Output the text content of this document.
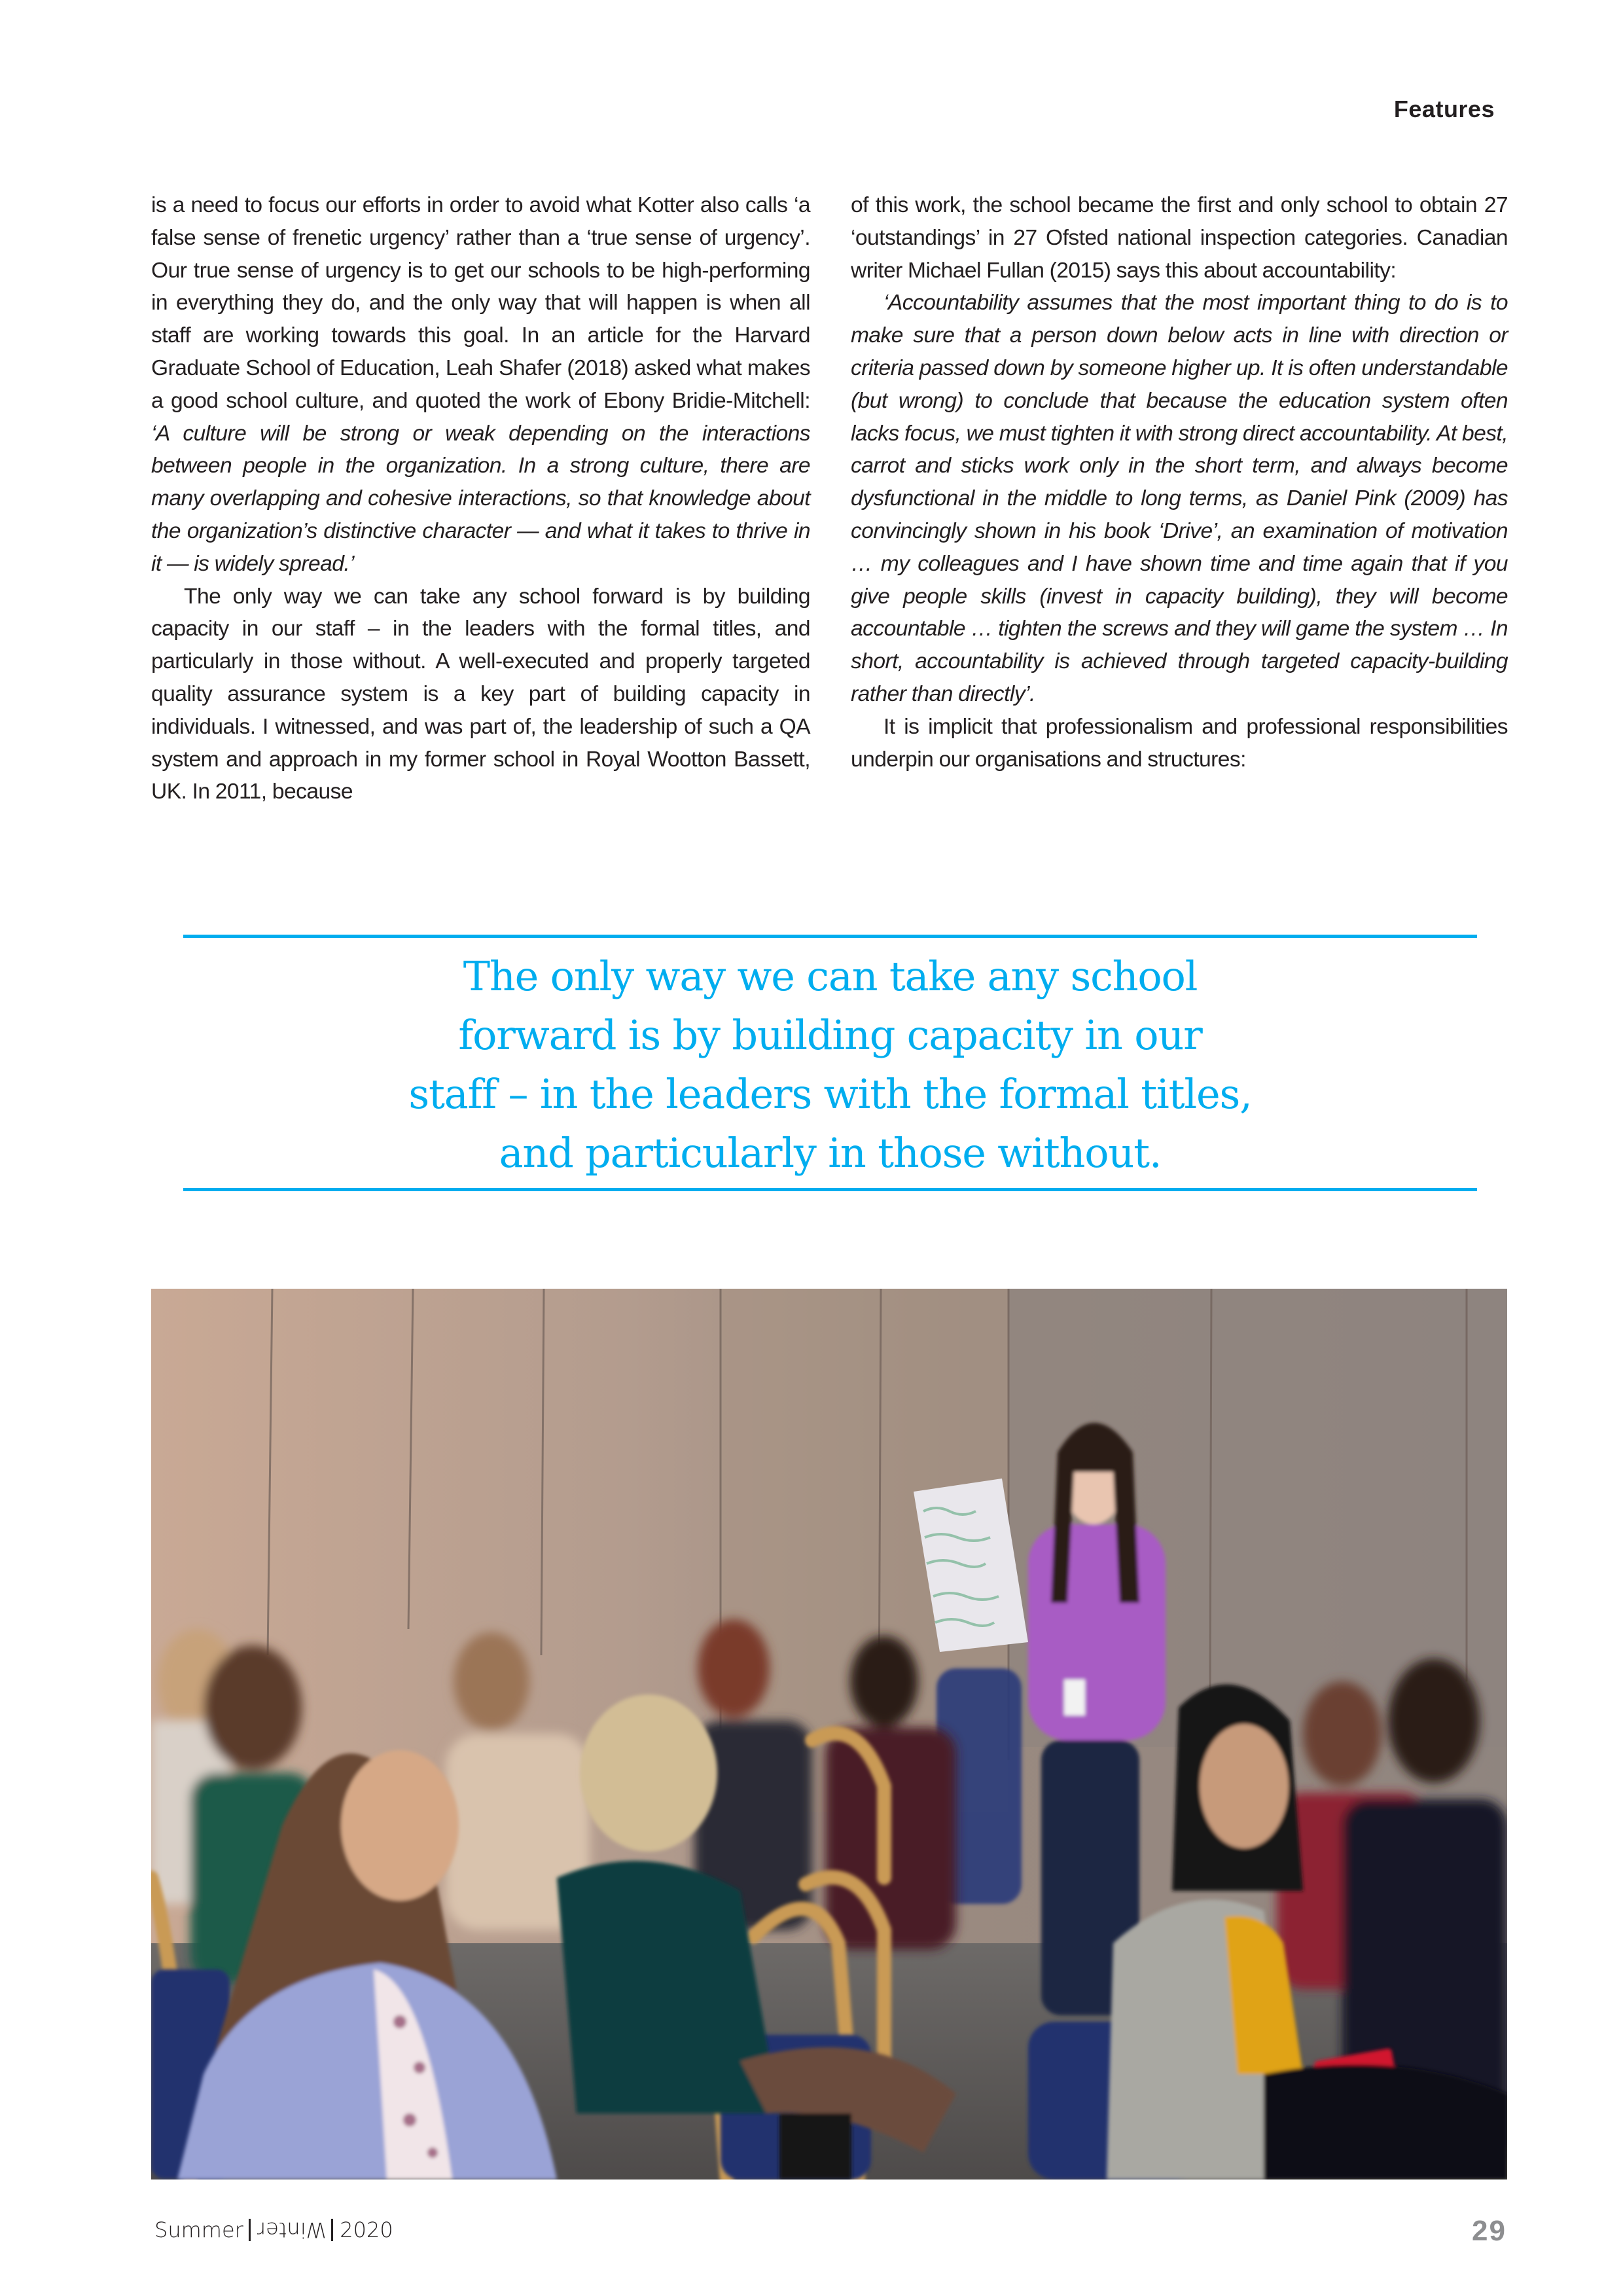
Features

is a need to focus our efforts in order to avoid what Kotter also calls ‘a false sense of frenetic urgency’ rather than a ‘true sense of urgency’. Our true sense of urgency is to get our schools to be high-performing in everything they do, and the only way that will happen is when all staff are working towards this goal. In an article for the Harvard Graduate School of Education, Leah Shafer (2018) asked what makes a good school culture, and quoted the work of Ebony Bridie-Mitchell: ‘A culture will be strong or weak depending on the interactions between people in the organization. In a strong culture, there are many overlapping and cohesive interactions, so that knowledge about the organization’s distinctive character — and what it takes to thrive in it — is widely spread.’

The only way we can take any school forward is by building capacity in our staff – in the leaders with the formal titles, and particularly in those without. A well-executed and properly targeted quality assurance system is a key part of building capacity in individuals. I witnessed, and was part of, the leadership of such a QA system and approach in my former school in Royal Wootton Bassett, UK. In 2011, because

of this work, the school became the first and only school to obtain 27 ‘outstandings’ in 27 Ofsted national inspection categories. Canadian writer Michael Fullan (2015) says this about accountability:

‘Accountability assumes that the most important thing to do is to make sure that a person down below acts in line with direction or criteria passed down by someone higher up. It is often understandable (but wrong) to conclude that because the education system often lacks focus, we must tighten it with strong direct accountability. At best, carrot and sticks work only in the short term, and always become dysfunctional in the middle to long terms, as Daniel Pink (2009) has convincingly shown in his book ‘Drive’, an examination of motivation … my colleagues and I have shown time and time again that if you give people skills (invest in capacity building), they will become accountable … tighten the screws and they will game the system … In short, accountability is achieved through targeted capacity-building rather than directly’.

It is implicit that professionalism and professional responsibilities underpin our organisations and structures:

The only way we can take any school
forward is by building capacity in our
staff – in the leaders with the formal titles,
and particularly in those without.
Summer Winter 2020	29
